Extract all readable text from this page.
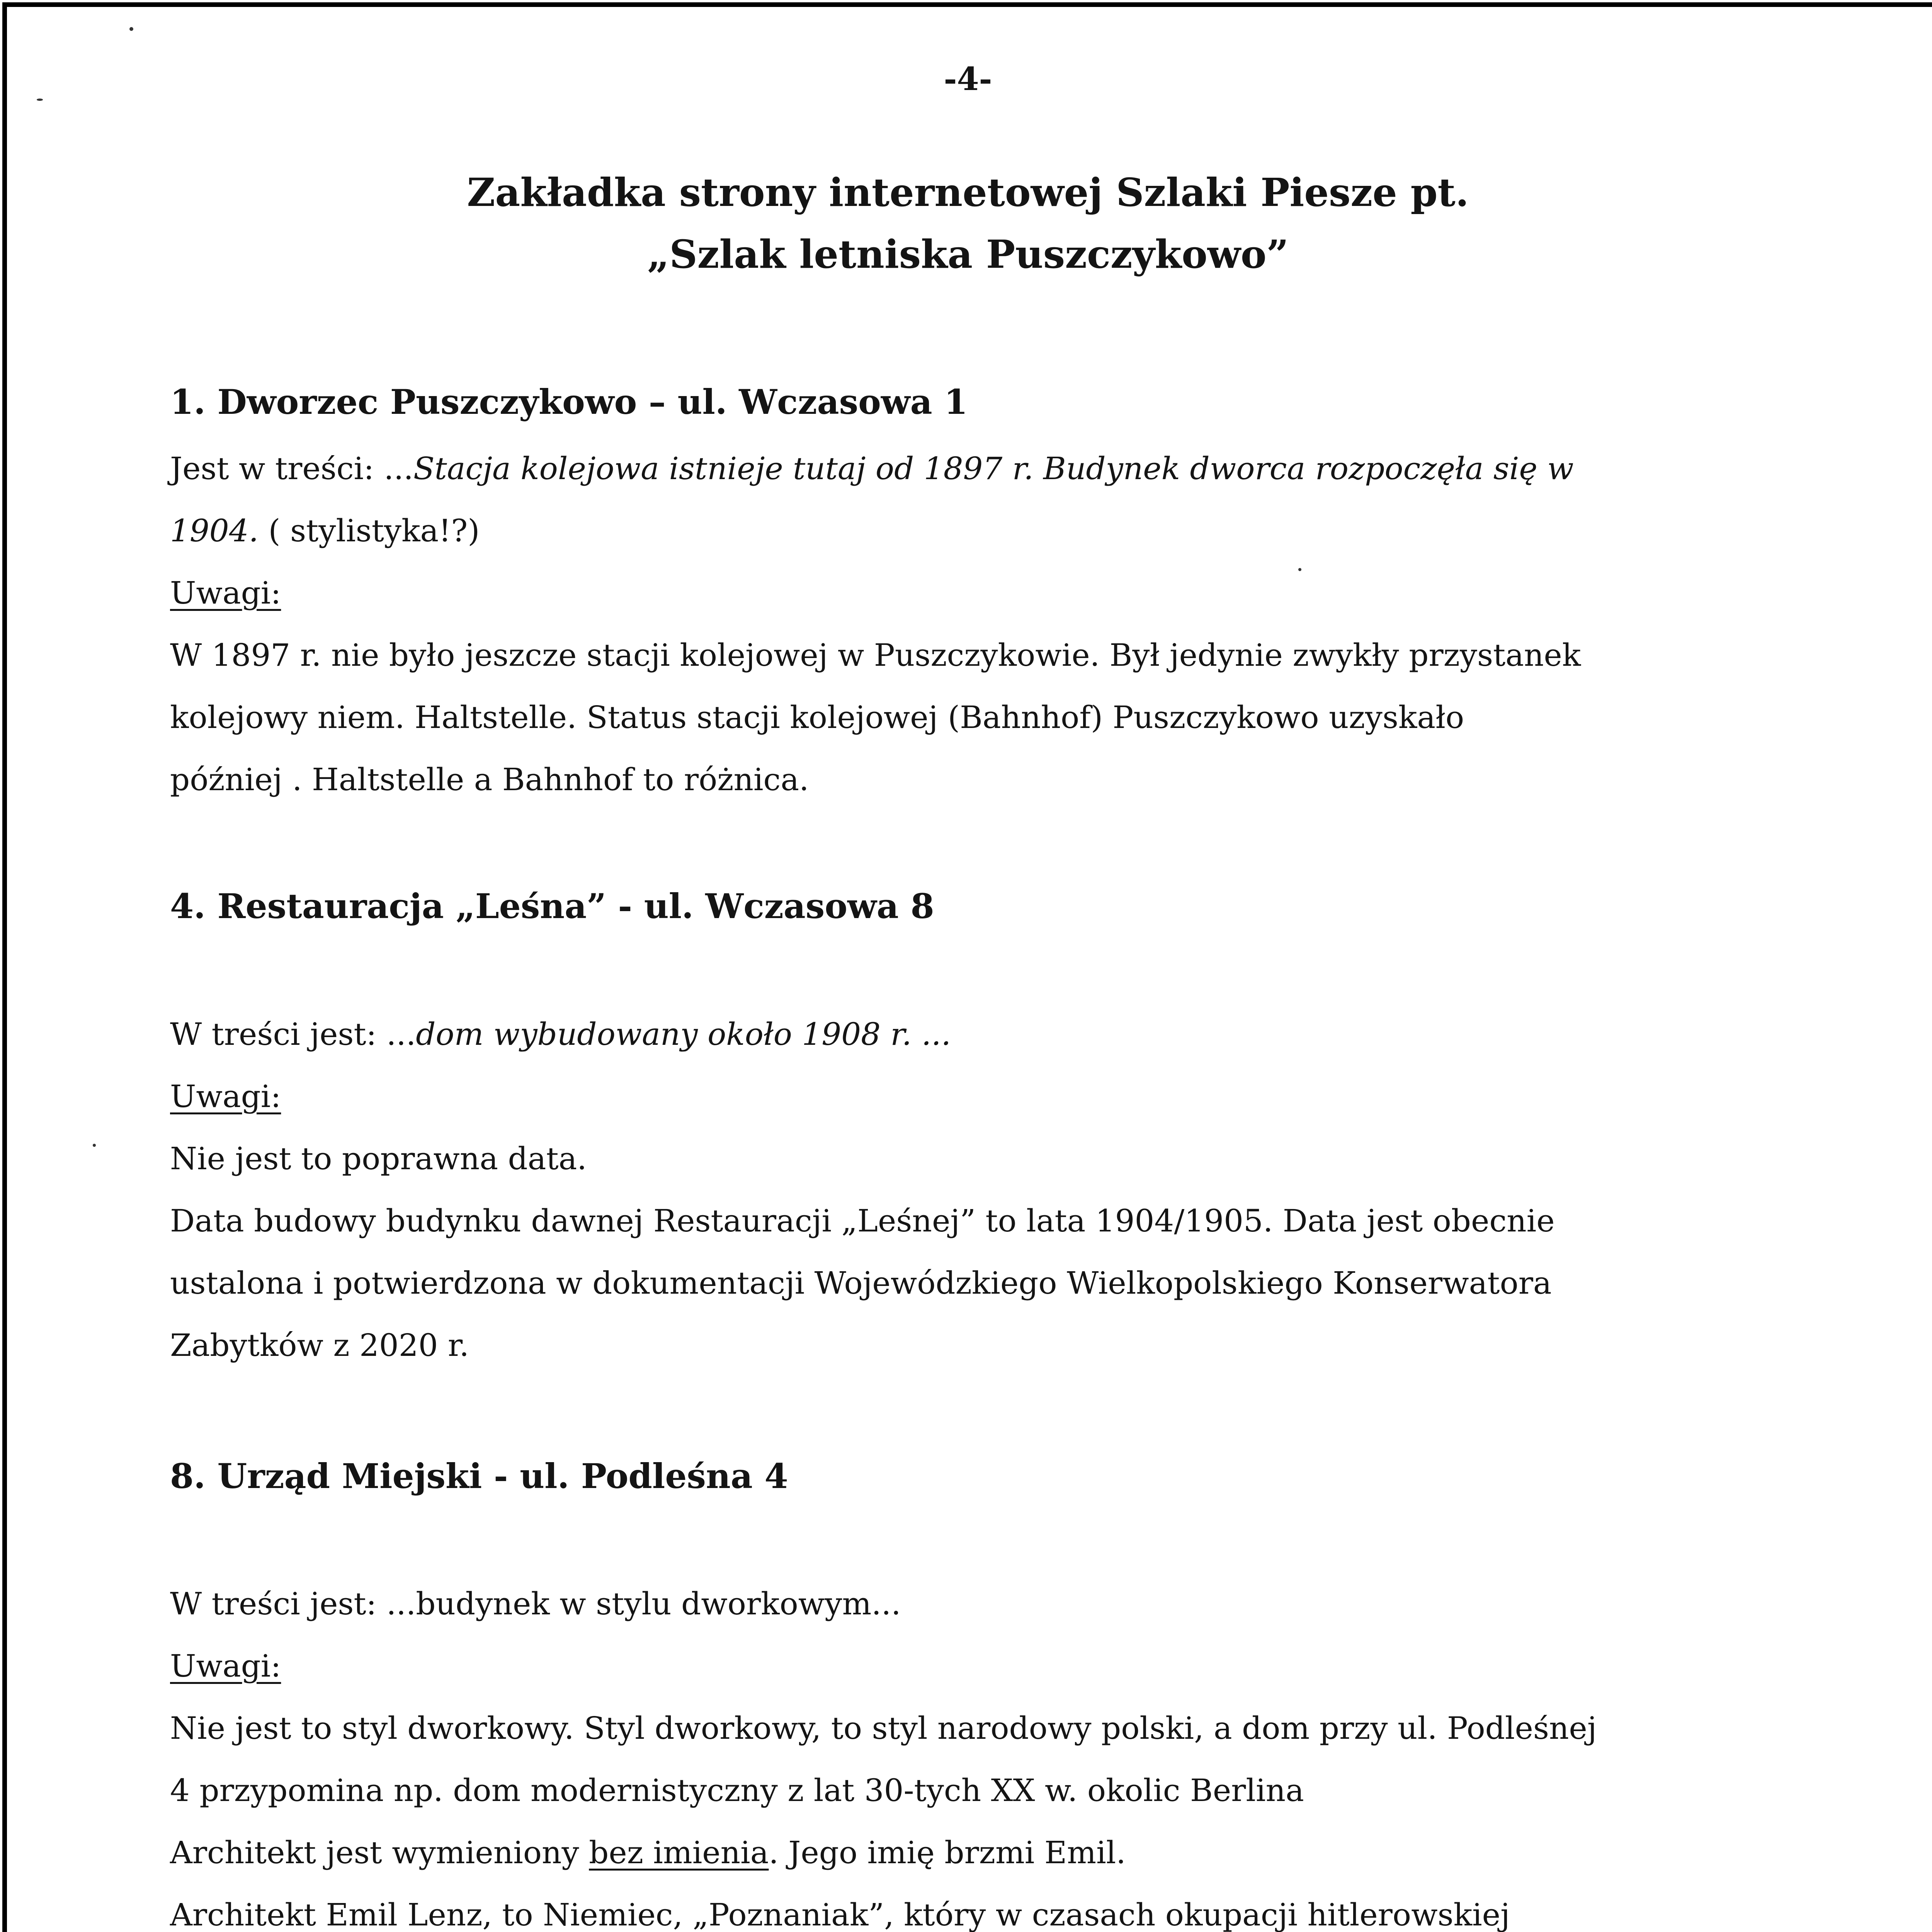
-4-
Zakładka strony internetowej Szlaki Piesze pt.
„Szlak letniska Puszczykowo”
1. Dworzec Puszczykowo – ul. Wczasowa 1
Jest w treści: ...Stacja kolejowa istnieje tutaj od 1897 r. Budynek dworca rozpoczęła się w
1904. ( stylistyka!?)
Uwagi:
W 1897 r. nie było jeszcze stacji kolejowej w Puszczykowie. Był jedynie zwykły przystanek
kolejowy niem. Haltstelle. Status stacji kolejowej (Bahnhof) Puszczykowo uzyskało
później . Haltstelle a Bahnhof to różnica.
4. Restauracja „Leśna” - ul. Wczasowa 8
W treści jest: ...dom wybudowany około 1908 r. ...
Uwagi:
Nie jest to poprawna data.
Data budowy budynku dawnej Restauracji „Leśnej” to lata 1904/1905. Data jest obecnie
ustalona i potwierdzona w dokumentacji Wojewódzkiego Wielkopolskiego Konserwatora
Zabytków z 2020 r.
8. Urząd Miejski - ul. Podleśna 4
W treści jest: ...budynek w stylu dworkowym...
Uwagi:
Nie jest to styl dworkowy. Styl dworkowy, to styl narodowy polski, a dom przy ul. Podleśnej
4 przypomina np. dom modernistyczny z lat 30-tych XX w. okolic Berlina
Architekt jest wymieniony bez imienia. Jego imię brzmi Emil.
Architekt Emil Lenz, to Niemiec, „Poznaniak”, który w czasach okupacji hitlerowskiej
